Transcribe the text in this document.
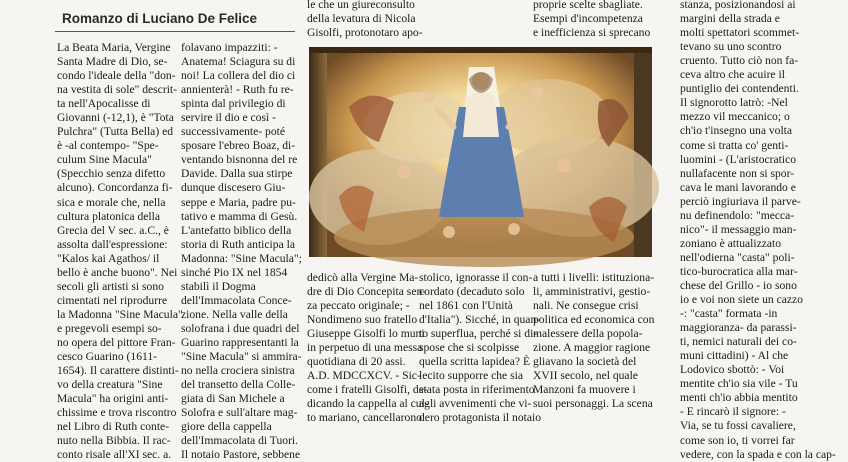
Romanzo di Luciano De Felice
La Beata Maria, Vergine
Santa Madre di Dio, se-
condo l'ideale della "don-
na vestita di sole" descrit-
ta nell'Apocalisse di
Giovanni (-12,1), è "Tota
Pulchra" (Tutta Bella) ed
è -al contempo- "Spe-
culum Sine Macula"
(Specchio senza difetto
alcuno). Concordanza fi-
sica e morale che, nella
cultura platonica della
Grecia del V sec. a.C., è
assolta dall'espressione:
"Kalos kai Agathos/ il
bello è anche buono". Nei
secoli gli artisti si sono
cimentati nel riprodurre
la Madonna "Sine Macula"
e pregevoli esempi so-
no opera del pittore Fran-
cesco Guarino (1611-
1654). Il carattere distinti-
vo della creatura "Sine
Macula" ha origini anti-
chissime e trova riscontro
nel Libro di Ruth conte-
nuto nella Bibbia. Il rac-
conto risale all'XI sec. a.
folavano impazziti: -
Anatema! Sciagura su di
noi! La collera del dio ci
annienterà! - Ruth fu re-
spinta dal privilegio di
servire il dio e così -
successivamente- poté
sposare l'ebreo Boaz, di-
ventando bisnonna del re
Davide. Dalla sua stirpe
dunque discesero Giu-
seppe e Maria, padre pu-
tativo e mamma di Gesù.
L'antefatto biblico della
storia di Ruth anticipa la
Madonna: "Sine Macula";
sinché Pio IX nel 1854
stabilì il Dogma
dell'Immacolata Conce-
zione. Nella valle della
solofrana i due quadri del
Guarino rappresentanti la
"Sine Macula" si ammira-
no nella crociera sinistra
del transetto della Colle-
giata di San Michele a
Solofra e sull'altare mag-
giore della cappella
dell'Immacolata di Tuori.
Il notaio Pastore, sebbene
le che un giureconsulto
della levatura di Nicola
Gisolfi, protonotaro apo-
proprie scelte sbagliate.
Esempi d'incompetenza
e inefficienza si sprecano
stanza, posizionandosi ai
margini della strada e
molti spettatori scommet-
tevano su uno scontro
cruento. Tutto ciò non fa-
ceva altro che acuire il
puntiglio dei contendenti.
Il signorotto latrò: -Nel
mezzo vil meccanico; o
ch'io t'insegno una volta
come si tratta co' genti-
luomini - (L'aristocratico
nullafacente non si spor-
cava le mani lavorando e
perciò ingiuriava il parve-
nu definendolo: "mecca-
nico"- il messaggio man-
zoniano è attualizzato
nell'odierna "casta" poli-
tico-burocratica alla mar-
chese del Grillo - io sono
io e voi non siete un cazzo
-: "casta" formata -in
maggioranza- da parassi-
ti, nemici naturali dei co-
muni cittadini) - Al che
Lodovico sbottò: - Voi
mentite ch'io sia vile - Tu
menti ch'io abbia mentito
- E rincarò il signore: -
Via, se tu fossi cavaliere,
come son io, ti vorrei far
vedere, con la spada e con la cap-
dedicò alla Vergine Ma-
dre di Dio Concepita sen-
za peccato originale; -
Nondimeno suo fratello
Giuseppe Gisolfi lo muni
in perpetuo di una messa
quotidiana di 20 assi.
A.D. MDCCXCV. - Sic-
come i fratelli Gisolfi, de-
dicando la cappella al cul-
to mariano, cancellarono
stolico, ignorasse il con-
cordato (decaduto solo
nel 1861 con l'Unità
d'Italia"). Sicché, in quan-
to superflua, perché si di-
spose che si scolpisse
quella scritta lapidea? È
lecito supporre che sia
stata posta in riferimento
agli avvenimenti che vi-
dero protagonista il notaio
a tutti i livelli: istituziona-
li, amministrativi, gestio-
nali. Ne consegue crisi
politica ed economica con
malessere della popola-
zione. A maggior ragione
gliavano la società del
XVII secolo, nel quale
Manzoni fa muovere i
suoi personaggi. La scena
